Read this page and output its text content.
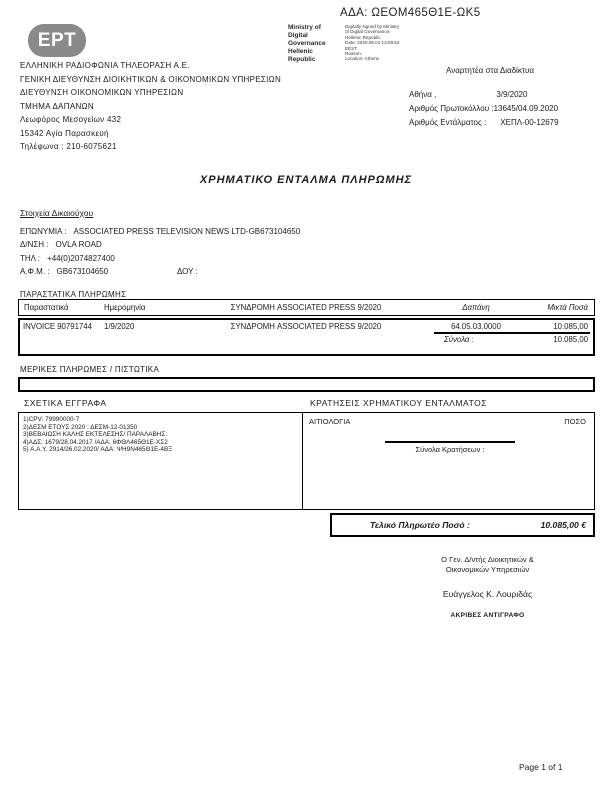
ΑΔΑ: ΩΕΟΜ465Θ1Ε-ΩΚ5
ΕΡΤ
Ministry of Digital
Governance
Hellenic Republic
Digitally signed by Ministry
of Digital Governance,
Hellenic Republic
Date: 2020.09.04 13:08:52
EEST
Reason:
Location: Athens
ΕΛΛΗΝΙΚΗ ΡΑΔΙΟΦΩΝΙΑ ΤΗΛΕΟΡΑΣΗ Α.Ε.
ΓΕΝΙΚΗ ΔΙΕΥΘΥΝΣΗ ΔΙΟΙΚΗΤΙΚΩΝ & ΟΙΚΟΝΟΜΙΚΩΝ ΥΠΗΡΕΣΙΩΝ
ΔΙΕΥΘΥΝΣΗ ΟΙΚΟΝΟΜΙΚΩΝ ΥΠΗΡΕΣΙΩΝ
ΤΜΗΜΑ ΔΑΠΑΝΩΝ
Λεωφόρος Μεσογείων 432
15342 Αγία Παρασκευή
Τηλέφωνα : 210-6075621
Αναρτητέα στα Διαδίκτυα
Αθήνα ,	3/9/2020
Αριθμός Πρωτοκόλλου :13645/04.09.2020
Αριθμός Εντάλματος : ΧΕΠΛ-00-12679
ΧΡΗΜΑΤΙΚΟ ΕΝΤΑΛΜΑ ΠΛΗΡΩΜΗΣ
Στοιχεία Δικαιούχου
ΕΠΩΝΥΜΙΑ : ASSOCIATED PRESS TELEVISION NEWS LTD-GB673104650
Δ/ΝΣΗ : OVLA ROAD
ΤΗΛ : +44(0)2074827400
Α.Φ.Μ. : GB673104650	ΔΟΥ :
ΠΑΡΑΣΤΑΤΙΚΑ ΠΛΗΡΩΜΗΣ
Παραστατικά	Ημερομηνία	ΣΥΝΔΡΟΜΗ ASSOCIATED PRESS 9/2020	Δαπάνη	Μικτά Ποσά
INVOICE 90791744	1/9/2020	ΣΥΝΔΡΟΜΗ ASSOCIATED PRESS 9/2020	64.05.03.0000	10.085,00
Σύνολα :	10.085,00
ΜΕΡΙΚΕΣ ΠΛΗΡΩΜΕΣ / ΠΙΣΤΩΤΙΚΑ
ΣΧΕΤΙΚΑ ΕΓΓΡΑΦΑ	ΚΡΑΤΗΣΕΙΣ ΧΡΗΜΑΤΙΚΟΥ ΕΝΤΑΛΜΑΤΟΣ
1)CPV: 79990000-7
2)ΔΕΣΜ ΕΤΟΥΣ 2020 : ΔΕΣΜ-12-01350
3)ΒΕΒΑΙΩΣΗ ΚΑΛΗΣ ΕΚΤΕΛΕΣΗΣ/ ΠΑΡΑΛΑΒΗΣ:
4)ΑΔΣ: 1679/28.04.2017 /ΑΔΑ: 6ΦΘΛ465Θ1Ε-ΧΣ2
5) Α.Α.Υ. 2914/26.02.2020/ ΑΔΑ: ΨΗ9Ν465Θ1Ε-4ΒΞ
ΑΙΤΙΟΛΟΓΙΑ	ΠΟΣΟ
Σύνολα Κρατήσεων :
Τελικό Πληρωτέο Ποσό :	10.085,00 €
Ο Γεν. Δ/ντής Διοικητικών &
Οικονομικών Υπηρεσιών
Ευάγγελος Κ. Λουριδάς
ΑΚΡΙΒΕΣ ΑΝΤΙΓΡΑΦΟ
Page 1 of 1
